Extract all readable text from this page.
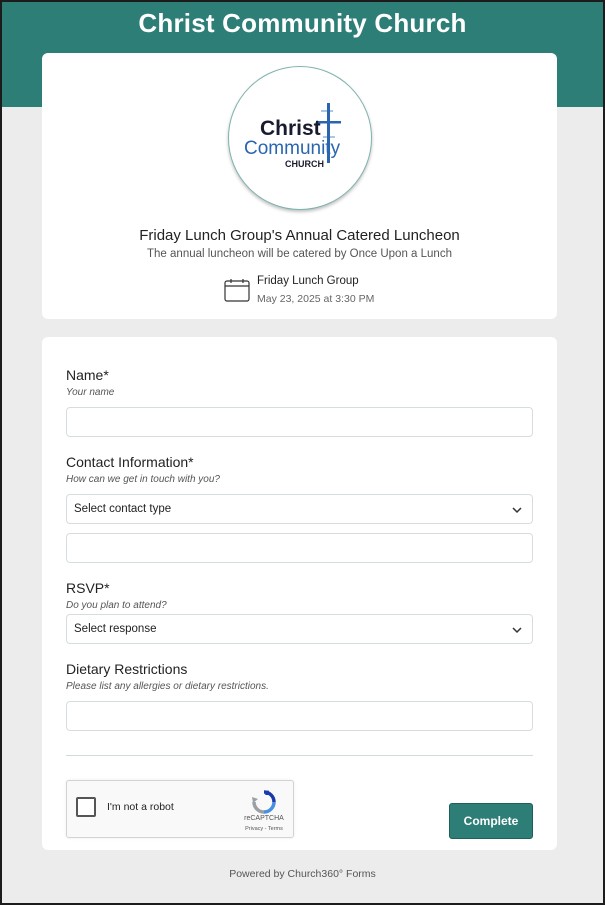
Christ Community Church
Christ
Community
CHURCH
Friday Lunch Group's Annual Catered Luncheon
The annual luncheon will be catered by Once Upon a Lunch
Friday Lunch Group
May 23, 2025 at 3:30 PM
Name*
Your name
Contact Information*
How can we get in touch with you?
Select contact type
RSVP*
Do you plan to attend?
Select response
Dietary Restrictions
Please list any allergies or dietary restrictions.
I'm not a robot
reCAPTCHA
Privacy - Terms
Complete
Powered by Church360° Forms
